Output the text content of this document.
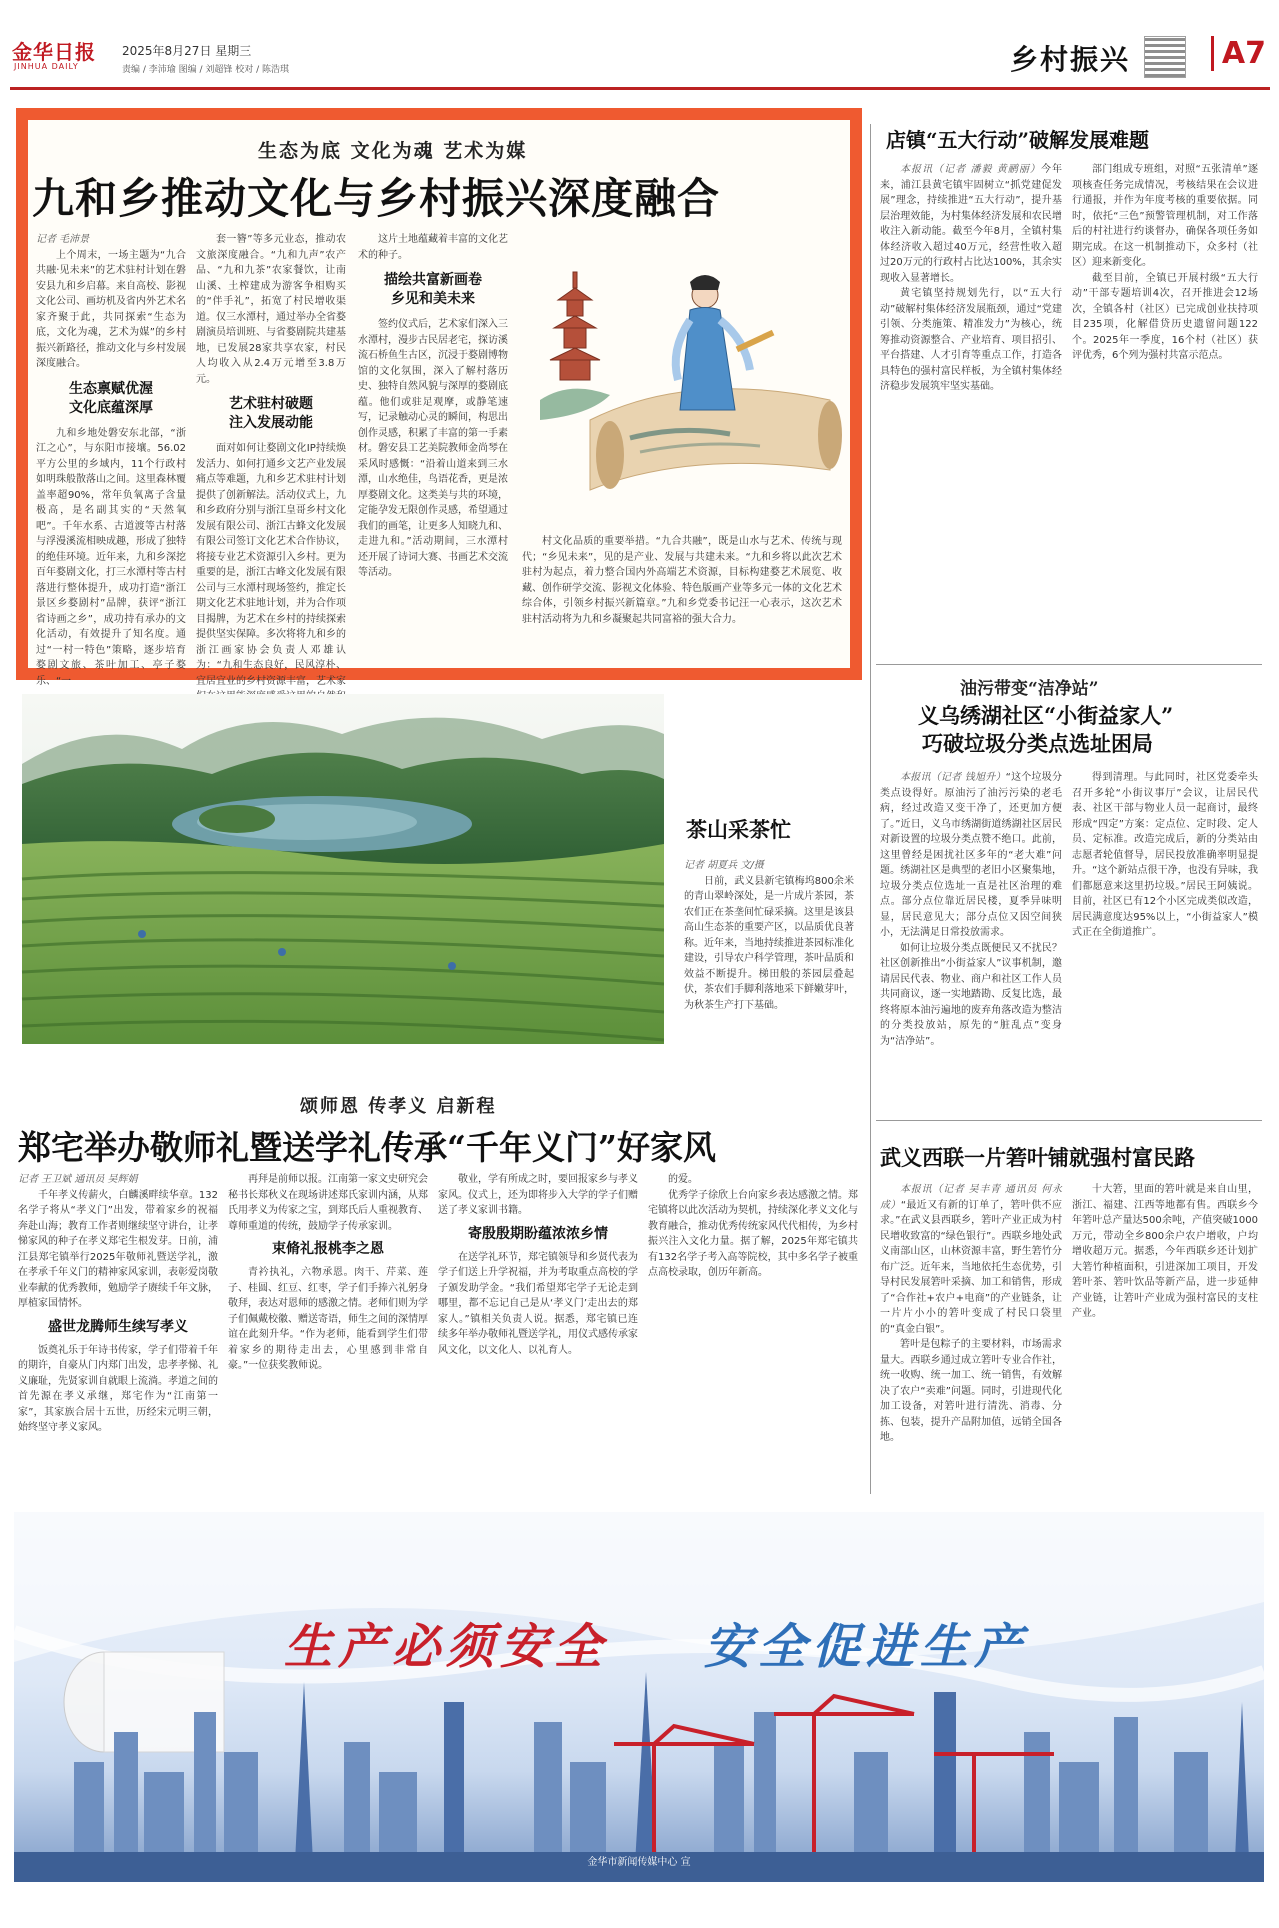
金华日报
JINHUA DAILY
2025年8月27日 星期三
责编 / 李沛瑜 图编 / 刘超锋 校对 / 陈浩琪	乡村振兴	A7
生态为底 文化为魂 艺术为媒
九和乡推动文化与乡村振兴深度融合
记者 毛沛景

上个周末，一场主题为“九合共融·见未来”的艺术驻村计划在磐安县九和乡启幕。来自高校、影视文化公司、画坊机及省内外艺术名家齐聚于此，共同探索“生态为底，文化为魂，艺术为媒”的乡村振兴新路径，推动文化与乡村发展深度融合。

生态禀赋优渥
文化底蕴深厚

九和乡地处磐安东北部，“浙江之心”，与东阳市接壤。56.02平方公里的乡域内，11个行政村如明珠般散落山之间。这里森林覆盖率超90%，常年负氧离子含量极高，是名副其实的“天然氧吧”。千年水系、古道渡等古村落与浮漫溪流相映成趣，形成了独特的绝佳环境。近年来，九和乡深挖百年婺剧文化，打三水潭村等古村落进行整体提升，成功打造“浙江景区乡婺剧村”品牌，获评“浙江省诗画之乡”，成功持有承办的文化活动，有效提升了知名度。通过“一村一特色”策略，逐步培育婺剧文旅、茶叶加工、亭子婺乐、“一

套一簪”等多元业态，推动农文旅深度融合。“九和九声”农产品、“九和九茶”农家餐饮，让南山溪、土榨建成为游客争相购买的“伴手礼”，拓宽了村民增收渠道。仅三水潭村，通过举办全省婺剧演员培训班、与省婺剧院共建基地，已发展28家共享农家，村民人均收入从2.4万元增至3.8万元。

艺术驻村破题
注入发展动能

面对如何让婺剧文化IP持续焕发活力、如何打通乡文艺产业发展痛点等难题，九和乡艺术驻村计划提供了创新解法。活动仪式上，九和乡政府分别与浙江皇哥乡村文化发展有限公司、浙江古蜂文化发展有限公司签订文化艺术合作协议，将接专业艺术资源引入乡村。更为重要的是，浙江古峰文化发展有限公司与三水潭村现场签约，推定长期文化艺术驻地计划，并为合作项目揭牌，为艺术在乡村的持续探索提供坚实保障。多次将将九和乡的浙江画家协会负责人邓雄认为：“九和生态良好，民风淳朴、宜居宜业的乡村资源丰富，艺术家

这片土地蕴藏着丰富的文化艺术的种子。

描绘共富新画卷
乡见和美未来

签约仪式后，艺术家们深入三水潭村，漫步古民居老宅，探访溪流石桥鱼生古区，沉浸于婺剧博物馆的文化氛围，深入了解村落历史、独特自然风貌与深厚的婺剧底蕴。他们或驻足观摩，或静笔速写，记录触动心灵的瞬间，构思出创作灵感，积累了丰富的第一手素材。磐安县工艺美院教师金尚琴在采风时感慨：“沿着山道来到三水潭，山水绝佳，鸟语花香，更是浓厚婺剧文化。这类美与共的环境，定能孕发无限创作灵感，希望通过我们的画笔，让更多人知晓九和、走进九和。”活动期间，三水潭村还开展了诗词大赛、书画艺术交流等活动。

村文化品质的重要举措。“九合共融”，既是山水与艺术、传统与现代；“乡见未来”，见的是产业、发展与共建未来。“九和乡将以此次艺术驻村为起点，着力整合国内外高端艺术资源，目标构建婺艺术展览、收藏、创作研学交流、影视文化体验、特色版画产业等多元一体的文化艺术综合体，引领乡村振兴新篇章。”九和乡党委书记汪一心表示，这次艺术驻村活动将为九和乡凝聚起共同富裕的强大合力。

店镇“五大行动”破解发展难题

本报讯（记者 潘毅 黄鹂丽）今年来，浦江县黄宅镇牢固树立“抓党建促发展”理念，持续推进“五大行动”，提升基层治理效能，为村集体经济发展和农民增收注入新动能。截至今年8月，全镇村集体经济收入超过40万元，经营性收入超过20万元的行政村占比达100%，其余实现收入显著增长。

黄宅镇坚持规划先行，以“五大行动”破解村集体经济发展瓶颈，通过“党建引领、分类施策、精准发力”为核心，统筹推动资源整合、产业培育、项目招引、平台搭建、人才引育等重点工作，打造各具特色的强村富民样板，为全镇村集体经济稳步发展筑牢坚实基础。

部门组成专班组，对照“五张清单”逐项核查任务完成情况，考核结果在会议进行通报，并作为年度考核的重要依据。同时，依托“三色”预警管理机制，对工作落后的村社进行约谈督办，确保各项任务如期完成。在这一机制推动下，众多村（社区）迎来新变化。

截至目前，全镇已开展村级“五大行动”干部专题培训4次，召开推进会12场次，全镇各村（社区）已完成创业扶持项目235项，化解借贷历史遗留问题122个。2025年一季度，16个村（社区）获评优秀，6个列为强村共富示范点。

茶山采茶忙
记者 胡夏兵 文/摄

日前，武义县新宅镇梅坞800余米的青山翠岭深处，是一片成片茶园，茶农们正在茶垄间忙碌采摘。这里是该县高山生态茶的重要产区，以品质优良著称。近年来，当地持续推进茶园标准化建设，引导农户科学管理，茶叶品质和效益不断提升。梯田般的茶园层叠起伏，茶农们手脚利落地采下鲜嫩芽叶，为秋茶生产打下基础。

油污带变“洁净站”
义乌绣湖社区“小街益家人”
巧破垃圾分类点选址困局

本报讯（记者 钱旭升）“这个垃圾分类点设得好。原油污了油污污染的老毛病，经过改造又变干净了，还更加方便了。”近日，义乌市绣湖街道绣湖社区居民对新设置的垃圾分类点赞不绝口。此前，这里曾经是困扰社区多年的“老大难”问题。绣湖社区是典型的老旧小区聚集地，垃圾分类点位选址一直是社区治理的难点。部分点位靠近居民楼，夏季异味明显，居民意见大；部分点位又因空间狭小，无法满足日常投放需求。

如何让垃圾分类点既便民又不扰民？社区创新推出“小街益家人”议事机制，邀请居民代表、物业、商户和社区工作人员共同商议，逐一实地踏勘、反复比选，最终将原本油污遍地的废弃角落改造为整洁的分类投放站，原先的“脏乱点”变身为“洁净站”。

得到清理。与此同时，社区党委牵头召开多轮“小街议事厅”会议，让居民代表、社区干部与物业人员一起商讨，最终形成“四定”方案：定点位、定时段、定人员、定标准。改造完成后，新的分类站由志愿者轮值督导，居民投放准确率明显提升。“这个新站点很干净，也没有异味，我们都愿意来这里扔垃圾。”居民王阿姨说。目前，社区已有12个小区完成类似改造，居民满意度达95%以上，“小街益家人”模式正在全街道推广。

颂师恩 传孝义 启新程
郑宅举办敬师礼暨送学礼传承“千年义门”好家风
记者 王卫斌 通讯员 吴辉娟

千年孝义传薪火，白麟溪畔续华章。132名学子将从“孝义门”出发，带着家乡的祝福奔赴山海；教育工作者则继续坚守讲台，让孝悌家风的种子在孝义郑宅生根发芽。日前，浦江县郑宅镇举行2025年敬师礼暨送学礼，激在孝承千年义门的精神家风家训，表彰爱岗敬业奉献的优秀教师，勉励学子赓续千年文脉，厚植家国情怀。

盛世龙腾师生续写孝义

饭奠礼乐于年诗书传家，学子们带着千年的期许，自豪从门内郑门出发，忠孝孝悌、礼义廉耻，先贤家训自就眼上流淌。孝道之间的首先源在孝义承继，郑宅作为“江南第一家”，其家族合居十五世，历经宋元明三朝，始终坚守孝义家风。

再拜是前师以报。江南第一家文史研究会秘书长郑秋义在现场讲述郑氏家训内涵，从郑氏用孝义为传家之宝，到郑氏后人重视教育、尊师重道的传统，鼓励学子传承家训。

束脩礼报桃李之恩

青衿执礼，六物承恩。肉干、芹菜、莲子、桂圆、红豆、红枣，学子们手捧六礼躬身敬拜，表达对恩师的感激之情。老师们则为学子们佩戴校徽、赠送寄语，师生之间的深情厚谊在此刻升华。“作为老师，能看到学生们带着家乡的期待走出去，心里感到非常自豪。”一位获奖教师说。

敬业，学有所成之时，要回报家乡与孝义家风。仪式上，还为即将步入大学的学子们赠送了孝义家训书籍。

寄殷殷期盼蕴浓浓乡情

在送学礼环节，郑宅镇领导和乡贤代表为学子们送上升学祝福，并为考取重点高校的学子颁发助学金。“我们希望郑宅学子无论走到哪里，都不忘记自己是从‘孝义门’走出去的郑家人。”镇相关负责人说。据悉，郑宅镇已连续多年举办敬师礼暨送学礼，用仪式感传承家风文化，以文化人、以礼育人。

的爱。

优秀学子徐欣上台向家乡表达感激之情。郑宅镇将以此次活动为契机，持续深化孝义文化与教育融合，推动优秀传统家风代代相传，为乡村振兴注入文化力量。据了解，2025年郑宅镇共有132名学子考入高等院校，其中多名学子被重点高校录取，创历年新高。

武义西联一片箬叶铺就强村富民路

本报讯（记者 吴丰青 通讯员 何永成）“最近又有新的订单了，箬叶供不应求。”在武义县西联乡，箬叶产业正成为村民增收致富的“绿色银行”。西联乡地处武义南部山区，山林资源丰富，野生箬竹分布广泛。近年来，当地依托生态优势，引导村民发展箬叶采摘、加工和销售，形成了“合作社+农户+电商”的产业链条，让一片片小小的箬叶变成了村民口袋里的“真金白银”。

箬叶是包粽子的主要材料，市场需求量大。西联乡通过成立箬叶专业合作社，统一收购、统一加工、统一销售，有效解决了农户“卖难”问题。同时，引进现代化加工设备，对箬叶进行清洗、消毒、分拣、包装，提升产品附加值，远销全国各地。

十大箬，里面的箬叶就是来自山里，浙江、福建、江西等地都有售。西联乡今年箬叶总产量达500余吨，产值突破1000万元，带动全乡800余户农户增收，户均增收超万元。据悉，今年西联乡还计划扩大箬竹种植面积，引进深加工项目，开发箬叶茶、箬叶饮品等新产品，进一步延伸产业链，让箬叶产业成为强村富民的支柱产业。

生产必须安全 安全促进生产
金华市新闻传媒中心 宣
